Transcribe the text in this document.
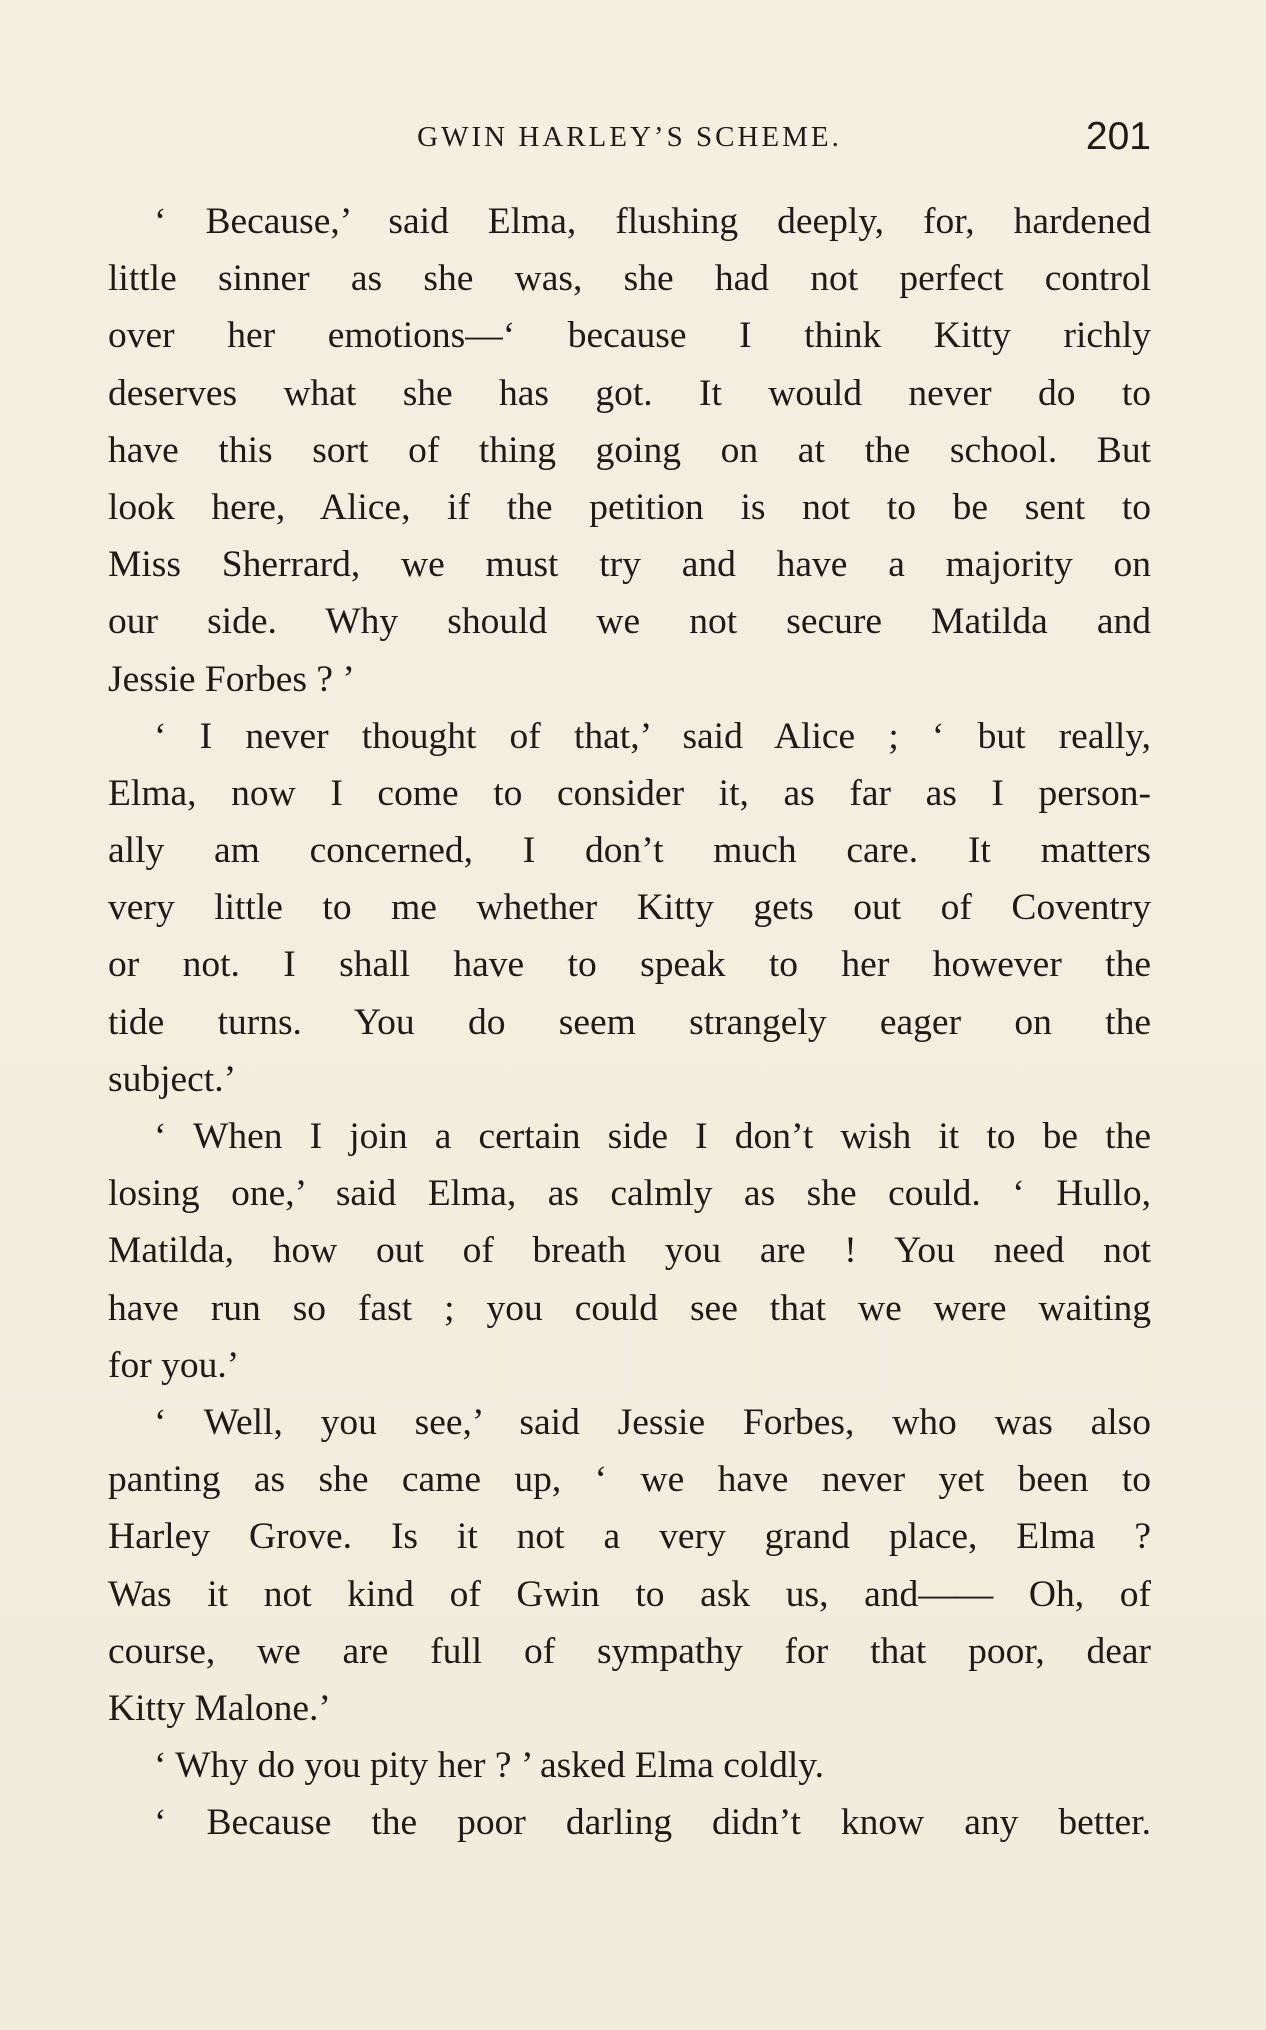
GWIN HARLEY’S SCHEME.	201
‘ Because,’ said Elma, flushing deeply, for, hardened
little sinner as she was, she had not perfect control
over her emotions—‘ because I think Kitty richly
deserves what she has got. It would never do to
have this sort of thing going on at the school. But
look here, Alice, if the petition is not to be sent to
Miss Sherrard, we must try and have a majority on
our side. Why should we not secure Matilda and
Jessie Forbes ? ’
‘ I never thought of that,’ said Alice ; ‘ but really,
Elma, now I come to consider it, as far as I person-
ally am concerned, I don’t much care. It matters
very little to me whether Kitty gets out of Coventry
or not. I shall have to speak to her however the
tide turns. You do seem strangely eager on the
subject.’
‘ When I join a certain side I don’t wish it to be the
losing one,’ said Elma, as calmly as she could. ‘ Hullo,
Matilda, how out of breath you are ! You need not
have run so fast ; you could see that we were waiting
for you.’
‘ Well, you see,’ said Jessie Forbes, who was also
panting as she came up, ‘ we have never yet been to
Harley Grove. Is it not a very grand place, Elma ?
Was it not kind of Gwin to ask us, and—— Oh, of
course, we are full of sympathy for that poor, dear
Kitty Malone.’
‘ Why do you pity her ? ’ asked Elma coldly.
‘ Because the poor darling didn’t know any better.
